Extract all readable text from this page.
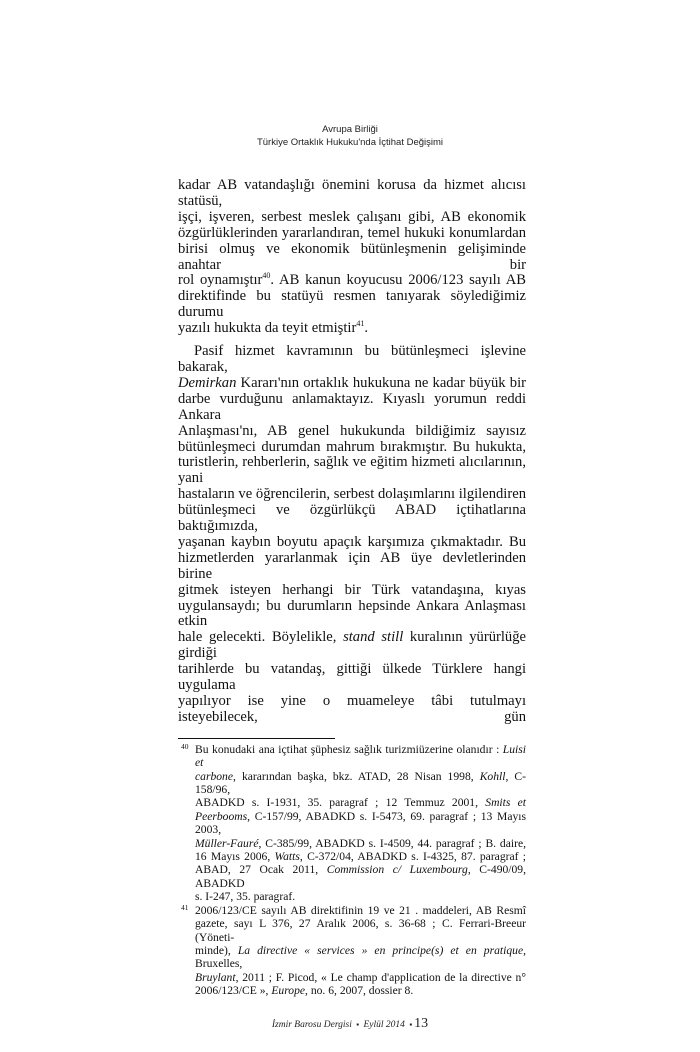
Avrupa Birliği
Türkiye Ortaklık Hukuku'nda İçtihat Değişimi
kadar AB vatandaşlığı önemini korusa da hizmet alıcısı statüsü,
işçi, işveren, serbest meslek çalışanı gibi, AB ekonomik
özgürlüklerinden yararlandıran, temel hukuki konumlardan
birisi olmuş ve ekonomik bütünleşmenin gelişiminde anahtar bir
rol oynamıştır$^{40}$. AB kanun koyucusu 2006/123 sayılı AB
direktifinde bu statüyü resmen tanıyarak söylediğimiz durumu
yazılı hukukta da teyit etmiştir$^{41}$.
Pasif hizmet kavramının bu bütünleşmeci işlevine bakarak,
Demirkan Kararı'nın ortaklık hukukuna ne kadar büyük bir
darbe vurduğunu anlamaktayız. Kıyaslı yorumun reddi Ankara
Anlaşması'nı, AB genel hukukunda bildiğimiz sayısız
bütünleşmeci durumdan mahrum bırakmıştır. Bu hukukta,
turistlerin, rehberlerin, sağlık ve eğitim hizmeti alıcılarının, yani
hastaların ve öğrencilerin, serbest dolaşımlarını ilgilendiren
bütünleşmeci ve özgürlükçü ABAD içtihatlarına baktığımızda,
yaşanan kaybın boyutu apaçık karşımıza çıkmaktadır. Bu
hizmetlerden yararlanmak için AB üye devletlerinden birine
gitmek isteyen herhangi bir Türk vatandaşına, kıyas
uygulansaydı; bu durumların hepsinde Ankara Anlaşması etkin
hale gelecekti. Böylelikle, stand still kuralının yürürlüğe girdiği
tarihlerde bu vatandaş, gittiği ülkede Türklere hangi uygulama
yapılıyor ise yine o muameleye tâbi tutulmayı isteyebilecek, gün
40 Bu konudaki ana içtihat şüphesiz sağlık turizmiüzerine olanıdır : Luisi et
carbone, kararından başka, bkz. ATAD, 28 Nisan 1998, Kohll, C-158/96,
ABADKD s. I-1931, 35. paragraf ; 12 Temmuz 2001, Smits et
Peerbooms, C-157/99, ABADKD s. I-5473, 69. paragraf ; 13 Mayıs 2003,
Müller-Fauré, C-385/99, ABADKD s. I-4509, 44. paragraf ; B. daire,
16 Mayıs 2006, Watts, C-372/04, ABADKD s. I-4325, 87. paragraf ;
ABAD, 27 Ocak 2011, Commission c/ Luxembourg, C-490/09, ABADKD
s. I-247, 35. paragraf.
41 2006/123/CE sayılı AB direktifinin 19 ve 21 . maddeleri, AB Resmî
gazete, sayı L 376, 27 Aralık 2006, s. 36-68 ; C. Ferrari-Breeur (Yöneti-
minde), La directive « services » en principe(s) et en pratique, Bruxelles,
Bruylant, 2011 ; F. Picod, « Le champ d'application de la directive n°
2006/123/CE », Europe, no. 6, 2007, dossier 8.
İzmir Barosu Dergisi ▪ Eylül 2014 ▪ 13
